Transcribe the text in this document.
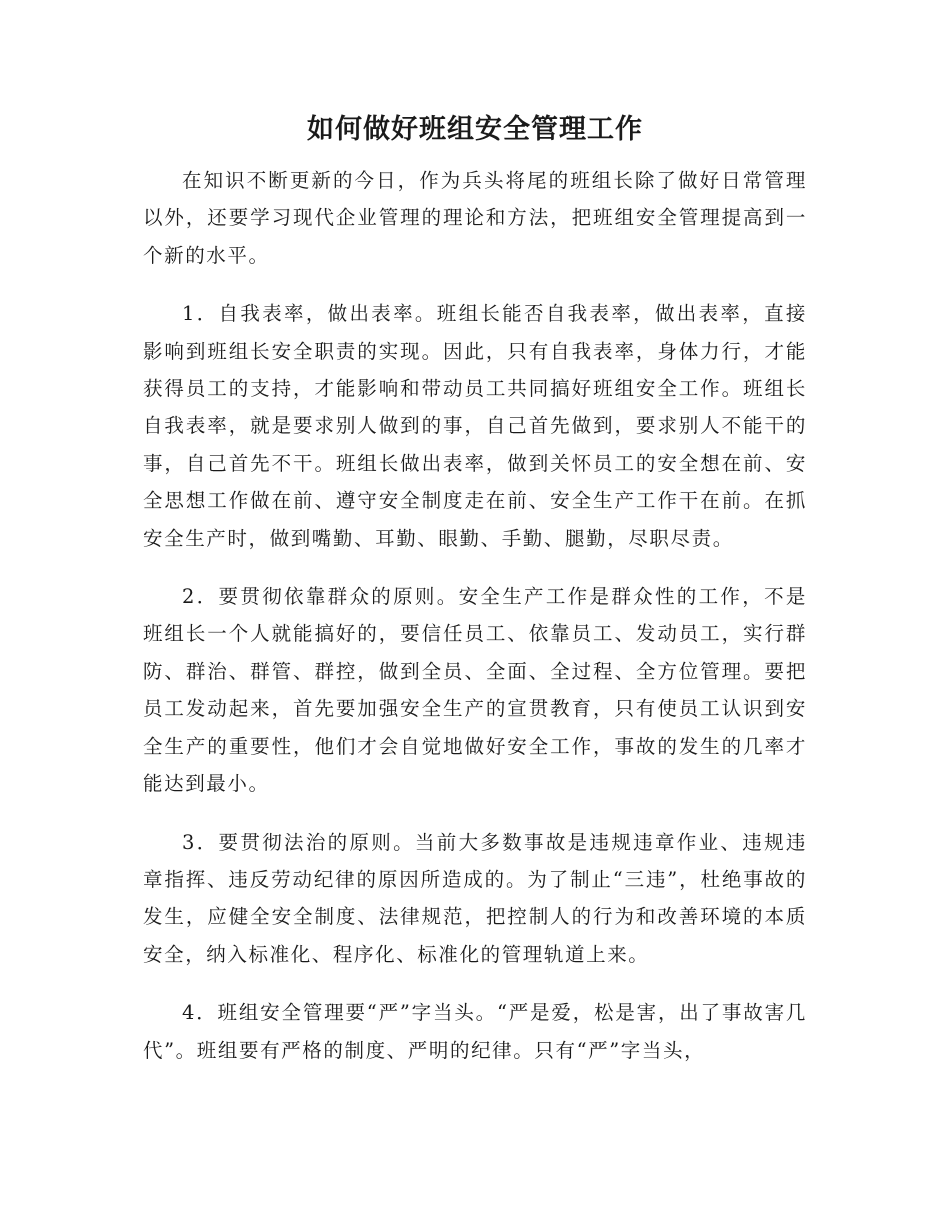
如何做好班组安全管理工作

在知识不断更新的今日，作为兵头将尾的班组长除了做好日常管理以外，还要学习现代企业管理的理论和方法，把班组安全管理提高到一个新的水平。

1．自我表率，做出表率。班组长能否自我表率，做出表率，直接影响到班组长安全职责的实现。因此，只有自我表率，身体力行，才能获得员工的支持，才能影响和带动员工共同搞好班组安全工作。班组长自我表率，就是要求别人做到的事，自己首先做到，要求别人不能干的事，自己首先不干。班组长做出表率，做到关怀员工的安全想在前、安全思想工作做在前、遵守安全制度走在前、安全生产工作干在前。在抓安全生产时，做到嘴勤、耳勤、眼勤、手勤、腿勤，尽职尽责。

2．要贯彻依靠群众的原则。安全生产工作是群众性的工作，不是班组长一个人就能搞好的，要信任员工、依靠员工、发动员工，实行群防、群治、群管、群控，做到全员、全面、全过程、全方位管理。要把员工发动起来，首先要加强安全生产的宣贯教育，只有使员工认识到安全生产的重要性，他们才会自觉地做好安全工作，事故的发生的几率才能达到最小。

3．要贯彻法治的原则。当前大多数事故是违规违章作业、违规违章指挥、违反劳动纪律的原因所造成的。为了制止“三违”，杜绝事故的发生，应健全安全制度、法律规范，把控制人的行为和改善环境的本质安全，纳入标准化、程序化、标准化的管理轨道上来。

4．班组安全管理要“严”字当头。“严是爱，松是害，出了事故害几代”。班组要有严格的制度、严明的纪律。只有“严”字当头，
